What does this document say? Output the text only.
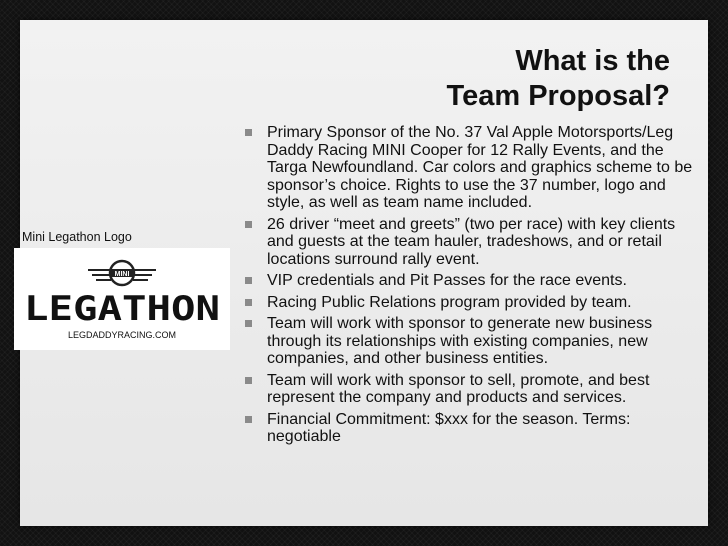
What is the
Team Proposal?
Mini Legathon Logo
MINI
LEGATHON
LEGDADDYRACING.COM
Primary Sponsor of the No. 37 Val Apple Motorsports/Leg Daddy Racing MINI Cooper for 12 Rally Events, and the Targa Newfoundland. Car colors and graphics scheme to be sponsor’s choice. Rights to use the 37 number, logo and style, as well as team name included.
26 driver “meet and greets” (two per race) with key clients and guests at the team hauler, tradeshows, and or retail locations surround rally event.
VIP credentials and Pit Passes for the race events.
Racing Public Relations program provided by team.
Team will work with sponsor to generate new business through its relationships with existing companies, new companies, and other business entities.
Team will work with sponsor to sell, promote, and best represent the company and products and services.
Financial Commitment: $xxx for the season. Terms: negotiable
